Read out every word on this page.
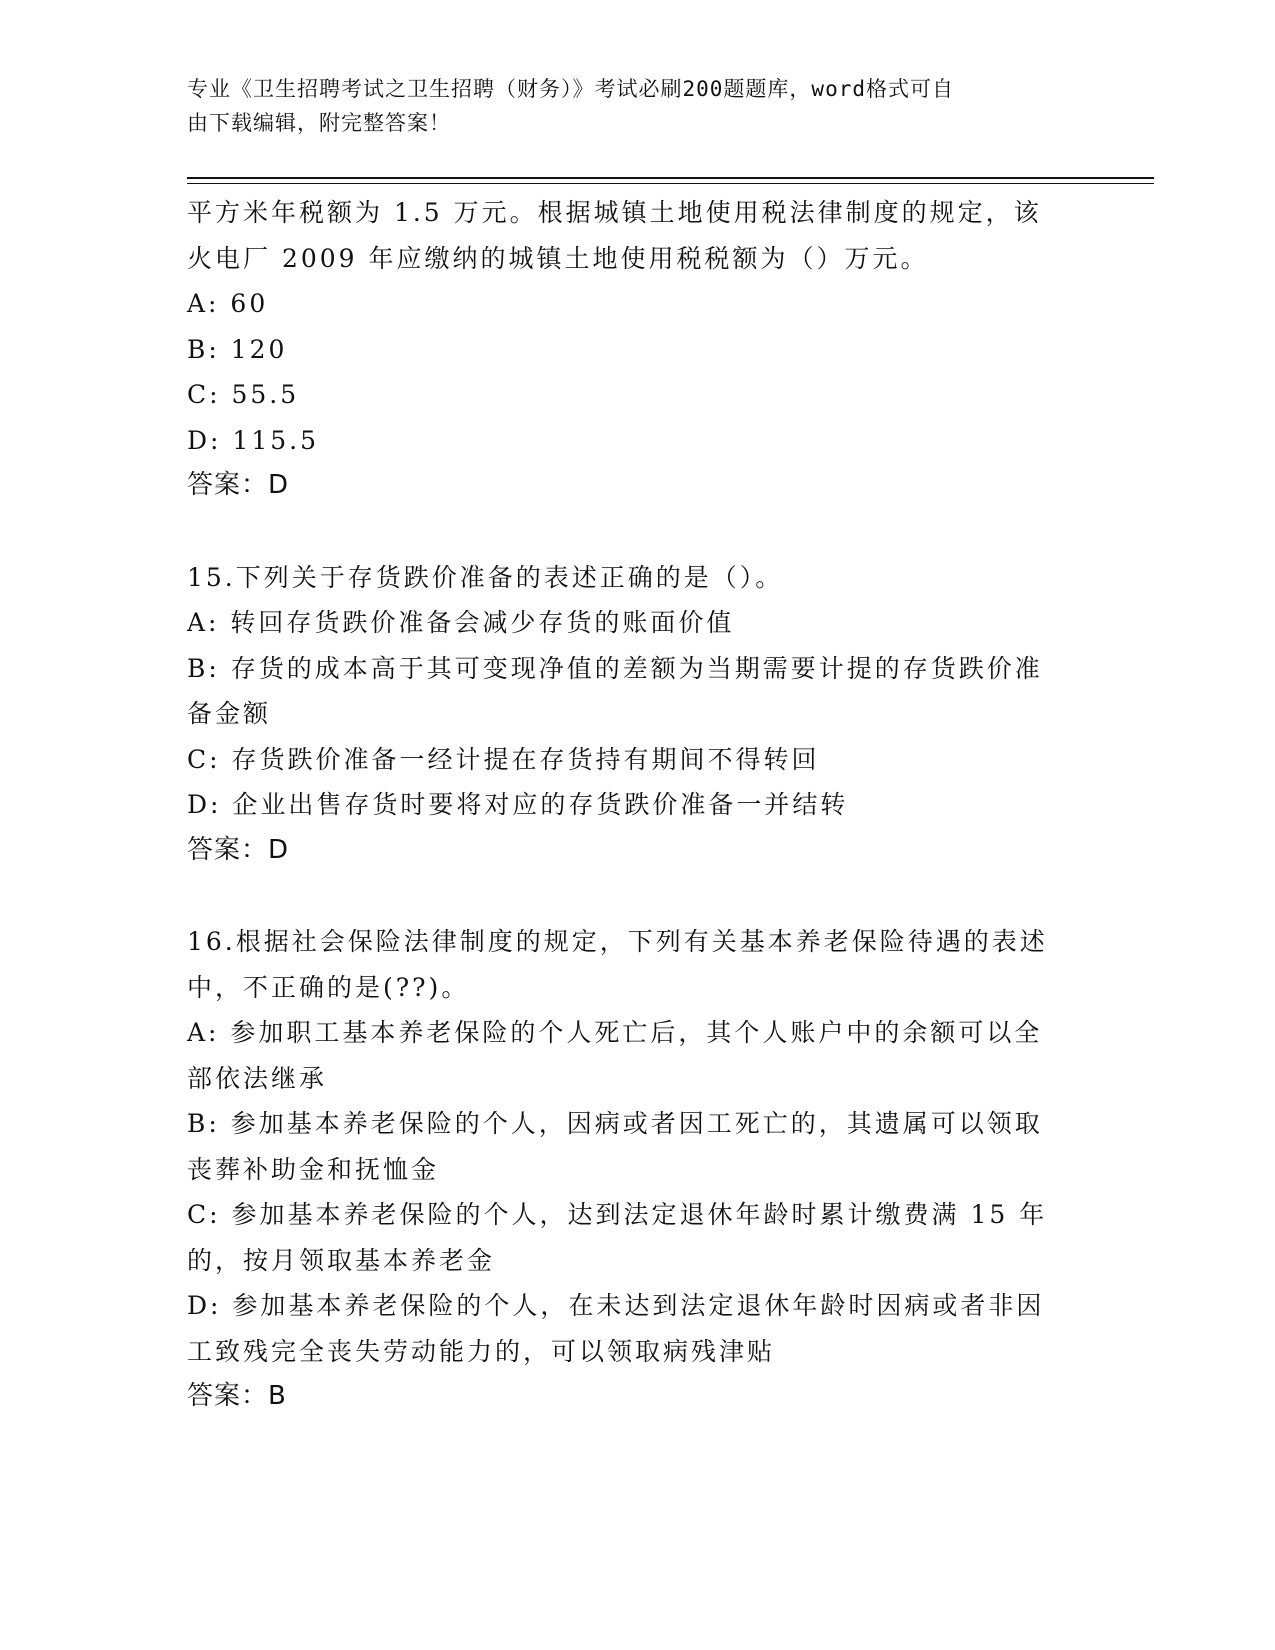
专业《卫生招聘考试之卫生招聘（财务）》考试必刷200题题库，word格式可自
由下载编辑，附完整答案！
平方米年税额为 1.5 万元。根据城镇土地使用税法律制度的规定，该
火电厂 2009 年应缴纳的城镇土地使用税税额为（）万元。
A: 60
B: 120
C: 55.5
D: 115.5
答案：D
15.下列关于存货跌价准备的表述正确的是（）。
A: 转回存货跌价准备会减少存货的账面价值
B: 存货的成本高于其可变现净值的差额为当期需要计提的存货跌价准
备金额
C: 存货跌价准备一经计提在存货持有期间不得转回
D: 企业出售存货时要将对应的存货跌价准备一并结转
答案：D
16.根据社会保险法律制度的规定，下列有关基本养老保险待遇的表述
中，不正确的是(??)。
A: 参加职工基本养老保险的个人死亡后，其个人账户中的余额可以全
部依法继承
B: 参加基本养老保险的个人，因病或者因工死亡的，其遗属可以领取
丧葬补助金和抚恤金
C: 参加基本养老保险的个人，达到法定退休年龄时累计缴费满 15 年
的，按月领取基本养老金
D: 参加基本养老保险的个人，在未达到法定退休年龄时因病或者非因
工致残完全丧失劳动能力的，可以领取病残津贴
答案：B
